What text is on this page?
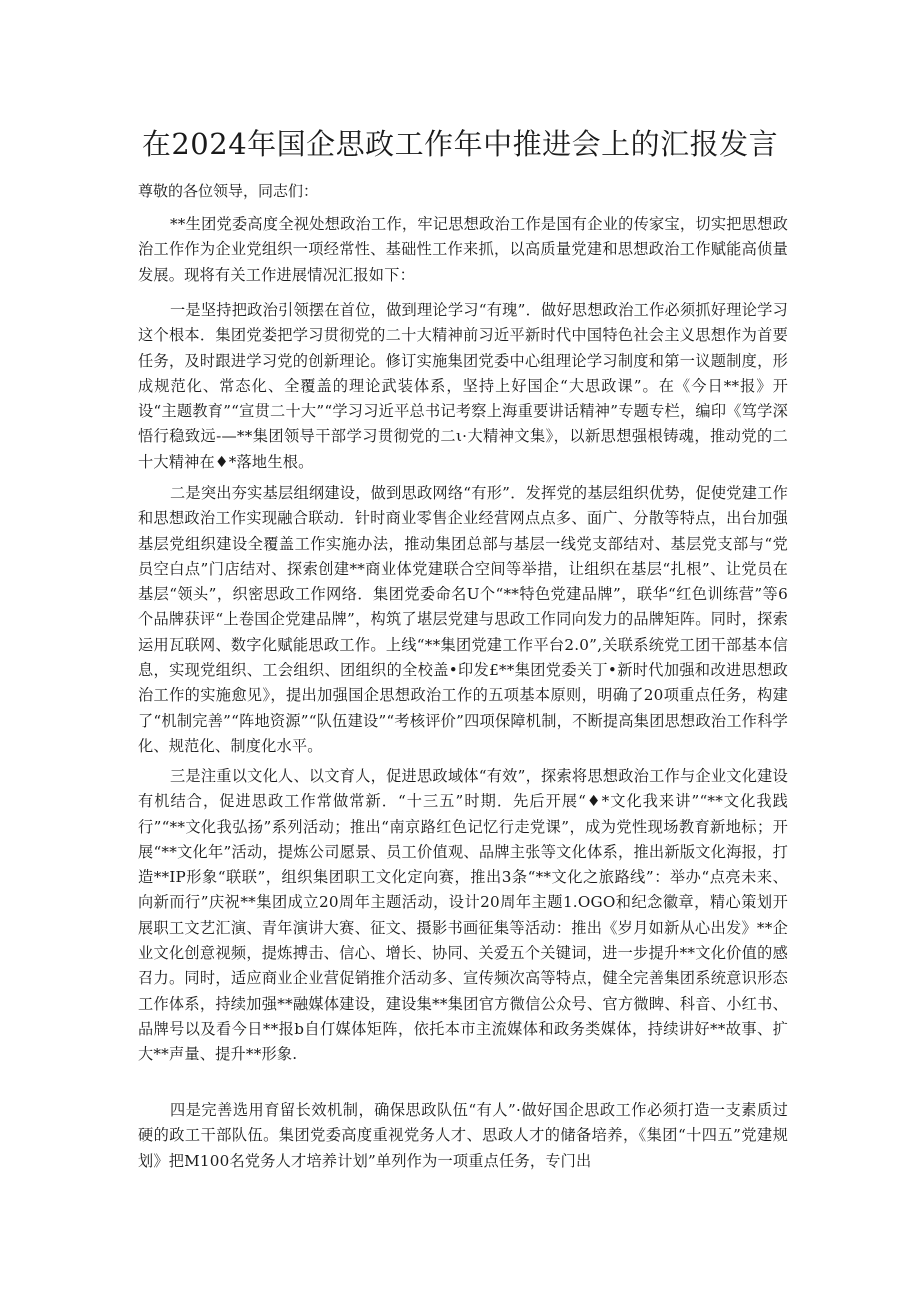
在2024年国企思政工作年中推进会上的汇报发言

尊敬的各位领导，同志们：

**生团党委高度全视处想政治工作，牢记思想政治工作是国有企业的传家宝，切实把思想政治工作作为企业党组织一项经常性、基础性工作来抓，以高质量党建和思想政治工作赋能高侦量发展。现将有关工作进展情况汇报如下：

一是坚持把政治引领摆在首位，做到理论学习“有瑰”．做好思想政治工作必须抓好理论学习这个根本．集团党娄把学习贯彻党的二十大精神前习近平新时代中国特色社会主义思想作为首要任务，及时跟进学习党的创新理论。修订实施集团党委中心组理论学习制度和第一议题制度，形成规范化、常态化、全覆盖的理论武装体系，坚持上好国企“大思政课”。在《今日**报》开设“主题教育”“宣贯二十大”“学习习近平总书记考察上海重要讲话精神”专题专栏，编印《笃学深悟行稳致远-—**集团领导干部学习贯彻党的二ι·大精神文集》，以新思想强根铸魂，推动党的二十大精神在♦*落地生根。

二是突出夯实基层组纲建设，做到思政网络“有形”．发挥党的基层组织优势，促使党建工作和思想政治工作实现融合联动．针时商业零售企业经营网点点多、面广、分散等特点，出台加强基层党组织建设全覆盖工作实施办法，推动集团总部与基层一线党支部结对、基层党支部与“党员空白点”门店结对、探索创建**商业体党建联合空间等举措，让组织在基层“扎根”、让党员在基层“领头”，织密思政工作网络．集团党委命名U个“**特色党建品牌”，联华“红色训练营”等6个品牌获评“上卷国企党建品牌”，构筑了堪层党建与思政工作同向发力的品牌矩阵。同时，探索运用瓦联网、数字化赋能思政工作。上线“**集团党建工作平台2.0”,关联系统党工团干部基本信息，实现党组织、工会组织、团组织的全校盖•印发£**集团党委关丁•新时代加强和改进思想政治工作的实施愈见》，提出加强国企思想政治工作的五项基本原则，明确了20项重点任务，构建了“机制完善”“阵地资源”“队伍建设”“考核评价”四项保障机制，不断提高集团思想政治工作科学化、规范化、制度化水平。

三是注重以文化人、以文育人，促进思政域体“有效”，探索将思想政治工作与企业文化建设有机结合，促进思政工作常做常新．“十三五”时期．先后开展“♦*文化我来讲”“**文化我践行”“**文化我弘扬”系列活动；推出“南京路红色记忆行走党课”，成为党性现场教育新地标；开展“**文化年”活动，提炼公司愿景、员工价值观、品牌主张等文化体系，推出新版文化海报，打造**IP形象“联联”，组织集团职工文化定向赛，推出3条“**文化之旅路线”：举办“点亮未来、向新而行”庆祝**集团成立20周年主题活动，设计20周年主题1.OGO和纪念徽章，精心策划开展职工文艺汇演、青年演讲大赛、征文、摄影书画征集等活动：推出《岁月如新从心出发》**企业文化创意视频，提炼搏击、信心、增长、协同、关爱五个关键词，进一步提升**文化价值的感召力。同时，适应商业企业营促销推介活动多、宣传频次高等特点，健全完善集团系统意识形态工作体系，持续加强**融媒体建设，建设集**集团官方微信公众号、官方微睥、科音、小红书、品牌号以及看今日**报b自仃媒体矩阵，依托本市主流媒体和政务类媒体，持续讲好**故事、扩大**声量、提升**形象.

四是完善选用育留长效机制，确保思政队伍“有人”·做好国企思政工作必须打造一支素质过硬的政工干部队伍。集团党委高度重视党务人才、思政人才的储备培养，《集团“十四五”党建规划》把M100名党务人才培养计划”单列作为一项重点任务，专门出
